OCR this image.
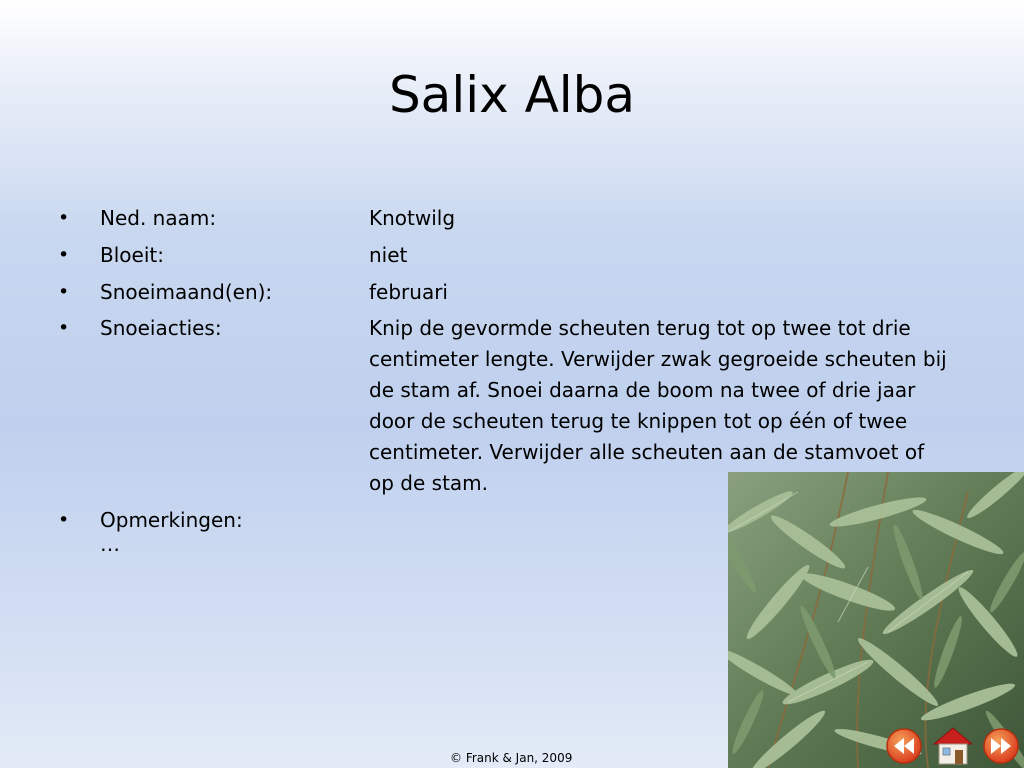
Salix Alba
• Ned. naam:	Knotwilg
• Bloeit:	niet
• Snoeimaand(en):	februari
• Snoeiacties:	Knip de gevormde scheuten terug tot op twee tot drie centimeter lengte. Verwijder zwak gegroeide scheuten bij de stam af. Snoei daarna de boom na twee of drie jaar door de scheuten terug te knippen tot op één of twee centimeter. Verwijder alle scheuten aan de stamvoet of op de stam.
• Opmerkingen:
…
© Frank & Jan, 2009
